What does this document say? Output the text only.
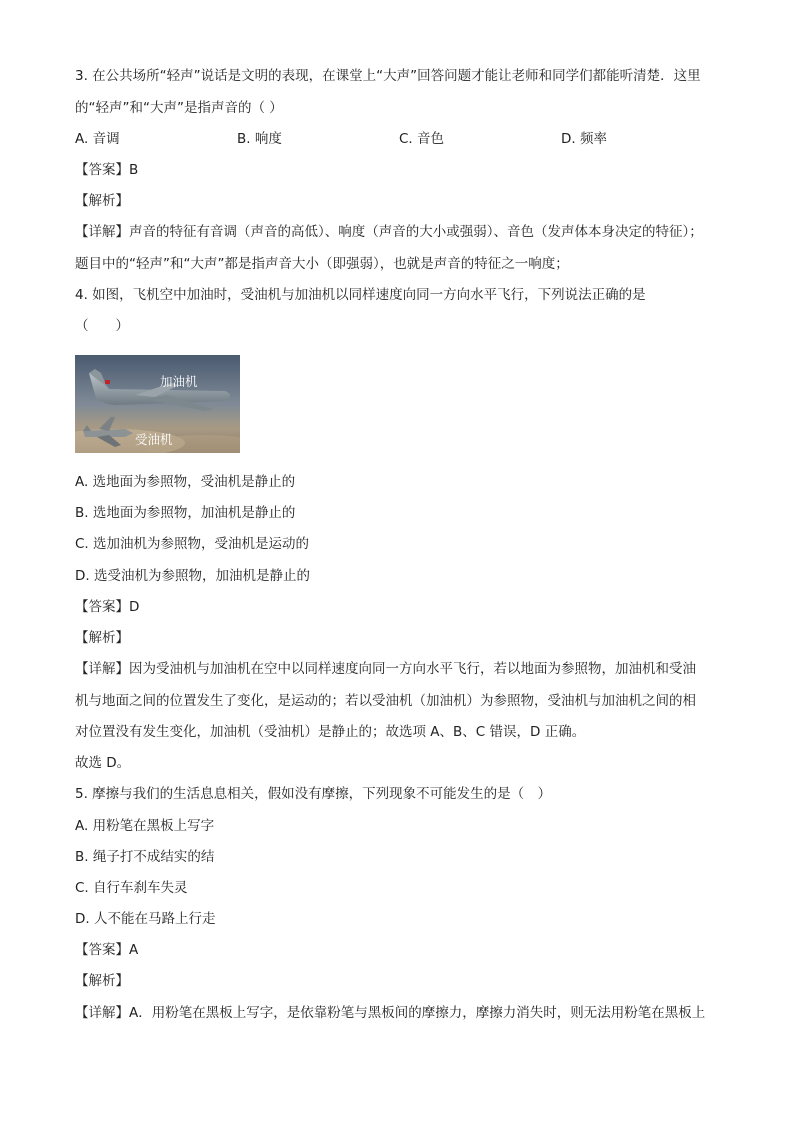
3. 在公共场所“轻声”说话是文明的表现，在课堂上“大声”回答问题才能让老师和同学们都能听清楚．这里
的“轻声”和“大声”是指声音的（ ）
A. 音调	B. 响度	C. 音色	D. 频率
【答案】B
【解析】
【详解】声音的特征有音调（声音的高低）、响度（声音的大小或强弱）、音色（发声体本身决定的特征）；
题目中的“轻声”和“大声”都是指声音大小（即强弱），也就是声音的特征之一响度；
4. 如图，飞机空中加油时，受油机与加油机以同样速度向同一方向水平飞行，下列说法正确的是
（　　）
加油机
受油机
A. 选地面为参照物，受油机是静止的
B. 选地面为参照物，加油机是静止的
C. 选加油机为参照物，受油机是运动的
D. 选受油机为参照物，加油机是静止的
【答案】D
【解析】
【详解】因为受油机与加油机在空中以同样速度向同一方向水平飞行，若以地面为参照物，加油机和受油
机与地面之间的位置发生了变化，是运动的；若以受油机（加油机）为参照物，受油机与加油机之间的相
对位置没有发生变化，加油机（受油机）是静止的；故选项 A、B、C 错误，D 正确。
故选 D。
5. 摩擦与我们的生活息息相关，假如没有摩擦，下列现象不可能发生的是（　）
A. 用粉笔在黑板上写字
B. 绳子打不成结实的结
C. 自行车刹车失灵
D. 人不能在马路上行走
【答案】A
【解析】
【详解】A．用粉笔在黑板上写字，是依靠粉笔与黑板间的摩擦力，摩擦力消失时，则无法用粉笔在黑板上
